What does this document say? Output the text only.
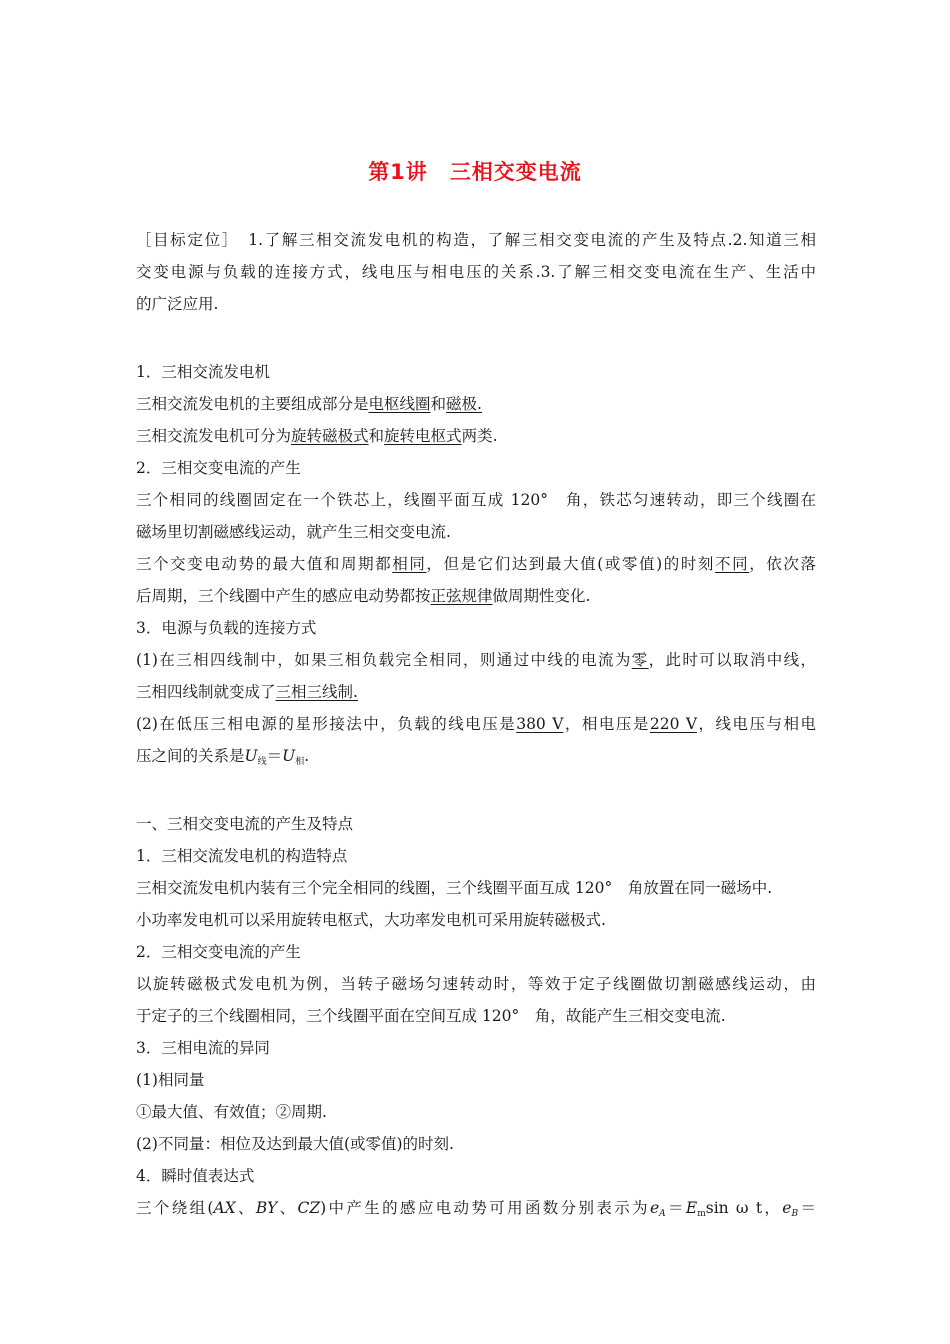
第1讲 三相交变电流
［目标定位］　1.了解三相交流发电机的构造，了解三相交变电流的产生及特点.2.知道三相
交变电源与负载的连接方式，线电压与相电压的关系.3.了解三相交变电流在生产、生活中
的广泛应用.
1．三相交流发电机
三相交流发电机的主要组成部分是电枢线圈和磁极.
三相交流发电机可分为旋转磁极式和旋转电枢式两类.
2．三相交变电流的产生
三个相同的线圈固定在一个铁芯上，线圈平面互成 120°　角，铁芯匀速转动，即三个线圈在
磁场里切割磁感线运动，就产生三相交变电流.
三个交变电动势的最大值和周期都相同，但是它们达到最大值(或零值)的时刻不同，依次落
后周期，三个线圈中产生的感应电动势都按正弦规律做周期性变化.
3．电源与负载的连接方式
(1)在三相四线制中，如果三相负载完全相同，则通过中线的电流为零，此时可以取消中线，
三相四线制就变成了三相三线制.
(2)在低压三相电源的星形接法中，负载的线电压是380 V，相电压是220 V，线电压与相电
压之间的关系是$U_线=U_相$.
一、三相交变电流的产生及特点
1．三相交流发电机的构造特点
三相交流发电机内装有三个完全相同的线圈，三个线圈平面互成 120°　角放置在同一磁场中.
小功率发电机可以采用旋转电枢式，大功率发电机可采用旋转磁极式.
2．三相交变电流的产生
以旋转磁极式发电机为例，当转子磁场匀速转动时，等效于定子线圈做切割磁感线运动，由
于定子的三个线圈相同，三个线圈平面在空间互成 120°　角，故能产生三相交变电流.
3．三相电流的异同
(1)相同量
①最大值、有效值；②周期.
(2)不同量：相位及达到最大值(或零值)的时刻.
4．瞬时值表达式
三个绕组(AX、BY、CZ)中产生的感应电动势可用函数分别表示为$e_A=E_m\sin$ ω t，$e_B=$
